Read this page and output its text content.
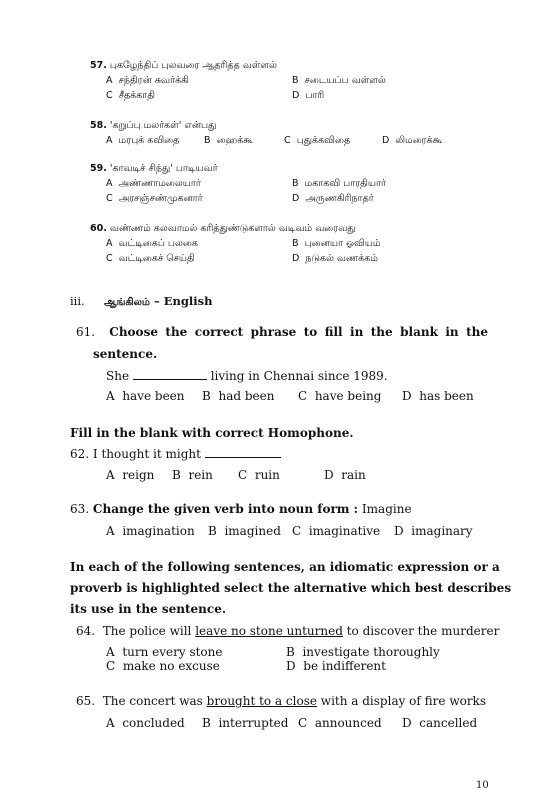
57. புகழேந்திப் புலவரை ஆதரித்த வள்ளல்
A சந்திரன் சுவர்க்கி	B சடையப்ப வள்ளல்
C சீதக்காதி	D பாரி
58. 'கறுப்பு மலர்கள்' என்பது
A மரபுக் கவிதை	B ஹைக்கூ	C புதுக்கவிதை	D லிமரைக்கூ
59. 'காவடிச் சிந்து' பாடியவர்
A அண்ணாமலையார்	B மகாகவி பாரதியார்
C அரசஞ்சண்முகனார்	D அருணகிரிநாதர்
60. வண்ணம் கலவாமல் கரித்துண்டுகளால் வடிவம் வரைவது
A வட்டிகைப் பலகை	B புனையா ஓவியம்
C வட்டிகைச் செய்தி	D நடுகல் வணக்கம்
iii. ஆங்கிலம் – English
61. Choose the correct phrase to fill in the blank in the
sentence.
She	living in Chennai since 1989.
A have been B had been C have being D has been
Fill in the blank with correct Homophone.
62. I thought it might
A reign B rein C ruin	D rain
63. Change the given verb into noun form : Imagine
A imagination B imagined C imaginative D imaginary
In each of the following sentences, an idiomatic expression or a
proverb is highlighted select the alternative which best describes
its use in the sentence.
64. The police will leave no stone unturned to discover the murderer
A turn every stone	B investigate thoroughly
C make no excuse	D be indifferent
65. The concert was brought to a close with a display of fire works
A concluded B interrupted C announced D cancelled
10
